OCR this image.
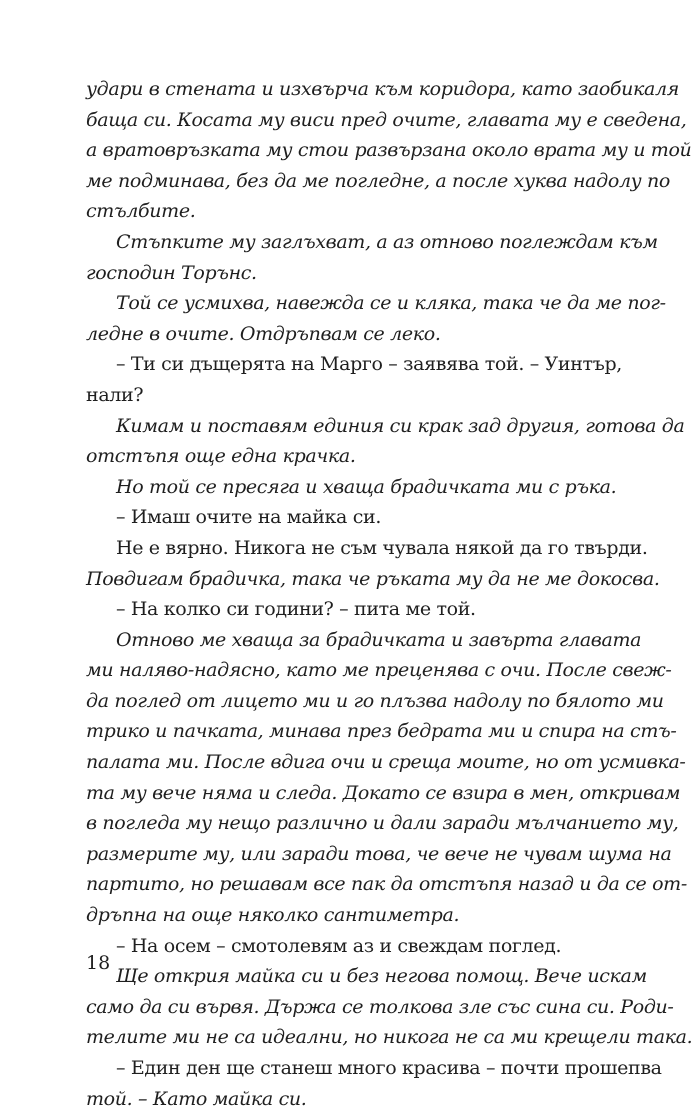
удари в стената и изхвърча към коридора, като заобикаля
баща си. Косата му виси пред очите, главата му е сведена,
а вратовръзката му стои развързана около врата му и той
ме подминава, без да ме погледне, а после хуква надолу по
стълбите.
Стъпките му заглъхват, а аз отново поглеждам към
господин Торънс.
Той се усмихва, навежда се и кляка, така че да ме пог-
ледне в очите. Отдръпвам се леко.
– Ти си дъщерята на Марго – заявява той. – Уинтър,
нали?
Кимам и поставям единия си крак зад другия, готова да
отстъпя още една крачка.
Но той се пресяга и хваща брадичката ми с ръка.
– Имаш очите на майка си.
Не е вярно. Никога не съм чувала някой да го твърди.
Повдигам брадичка, така че ръката му да не ме докосва.
– На колко си години? – пита ме той.
Отново ме хваща за брадичката и завърта главата
ми наляво-надясно, като ме преценява с очи. После свеж-
да поглед от лицето ми и го плъзва надолу по бялото ми
трико и пачката, минава през бедрата ми и спира на стъ-
палата ми. После вдига очи и среща моите, но от усмивка-
та му вече няма и следа. Докато се взира в мен, откривам
в погледа му нещо различно и дали заради мълчанието му,
размерите му, или заради това, че вече не чувам шума на
партито, но решавам все пак да отстъпя назад и да се от-
дръпна на още няколко сантиметра.
– На осем – смотолевям аз и свеждам поглед.
Ще открия майка си и без негова помощ. Вече искам
само да си вървя. Държа се толкова зле със сина си. Роди-
телите ми не са идеални, но никога не са ми крещели така.
– Един ден ще станеш много красива – почти прошепва
той. – Като майка си.
18
